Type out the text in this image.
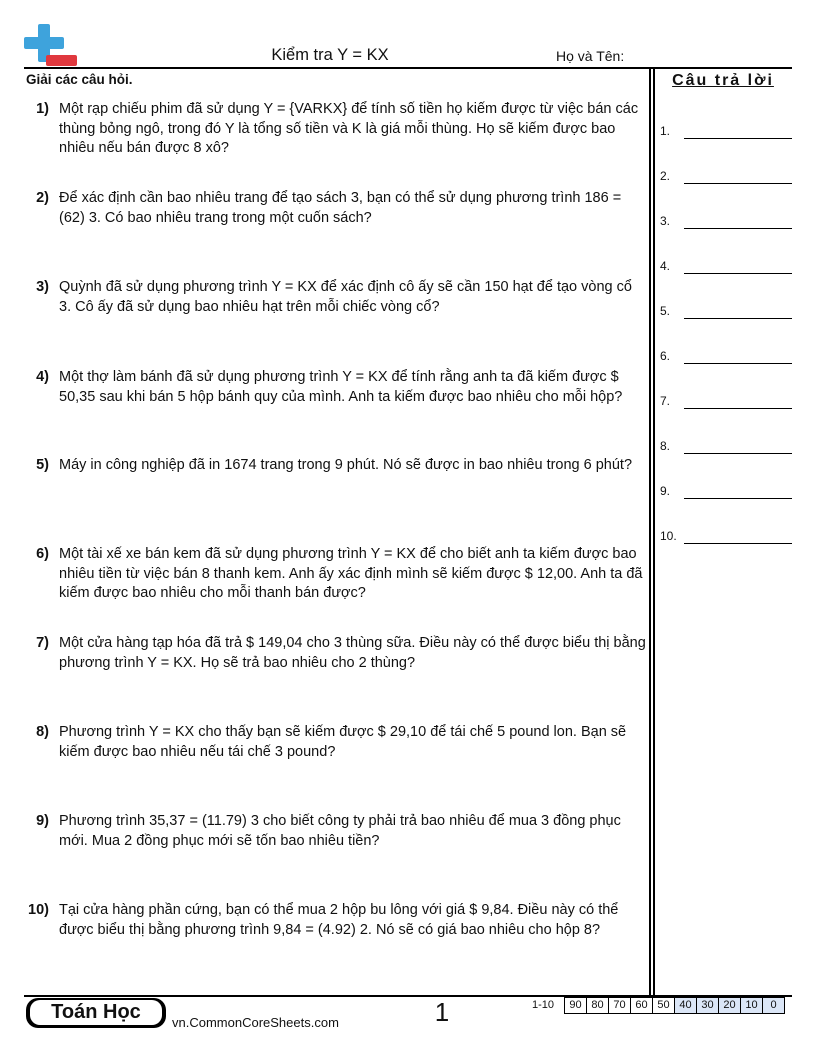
Kiểm tra Y = KX	Họ và Tên:
Giải các câu hỏi.	Câu trả lời
1) Một rạp chiếu phim đã sử dụng Y = {VARKX} để tính số tiền họ kiếm được từ việc bán các thùng bỏng ngô, trong đó Y là tổng số tiền và K là giá mỗi thùng. Họ sẽ kiếm được bao nhiêu nếu bán được 8 xô?
2) Để xác định cần bao nhiêu trang để tạo sách 3, bạn có thể sử dụng phương trình 186 = (62) 3. Có bao nhiêu trang trong một cuốn sách?
3) Quỳnh đã sử dụng phương trình Y = KX để xác định cô ấy sẽ cần 150 hạt để tạo vòng cổ 3. Cô ấy đã sử dụng bao nhiêu hạt trên mỗi chiếc vòng cổ?
4) Một thợ làm bánh đã sử dụng phương trình Y = KX để tính rằng anh ta đã kiếm được $ 50,35 sau khi bán 5 hộp bánh quy của mình. Anh ta kiếm được bao nhiêu cho mỗi hộp?
5) Máy in công nghiệp đã in 1674 trang trong 9 phút. Nó sẽ được in bao nhiêu trong 6 phút?
6) Một tài xế xe bán kem đã sử dụng phương trình Y = KX để cho biết anh ta kiếm được bao nhiêu tiền từ việc bán 8 thanh kem. Anh ấy xác định mình sẽ kiếm được $ 12,00. Anh ta đã kiếm được bao nhiêu cho mỗi thanh bán được?
7) Một cửa hàng tạp hóa đã trả $ 149,04 cho 3 thùng sữa. Điều này có thể được biểu thị bằng phương trình Y = KX. Họ sẽ trả bao nhiêu cho 2 thùng?
8) Phương trình Y = KX cho thấy bạn sẽ kiếm được $ 29,10 để tái chế 5 pound lon. Bạn sẽ kiếm được bao nhiêu nếu tái chế 3 pound?
9) Phương trình 35,37 = (11.79) 3 cho biết công ty phải trả bao nhiêu để mua 3 đồng phục mới. Mua 2 đồng phục mới sẽ tốn bao nhiêu tiền?
10) Tại cửa hàng phần cứng, bạn có thể mua 2 hộp bu lông với giá $ 9,84. Điều này có thể được biểu thị bằng phương trình 9,84 = (4.92) 2. Nó sẽ có giá bao nhiêu cho hộp 8?
1.
2.
3.
4.
5.
6.
7.
8.
9.
10.
Toán Học	vn.CommonCoreSheets.com	1	1-10	90 80 70 60 50 40 30 20 10	0
